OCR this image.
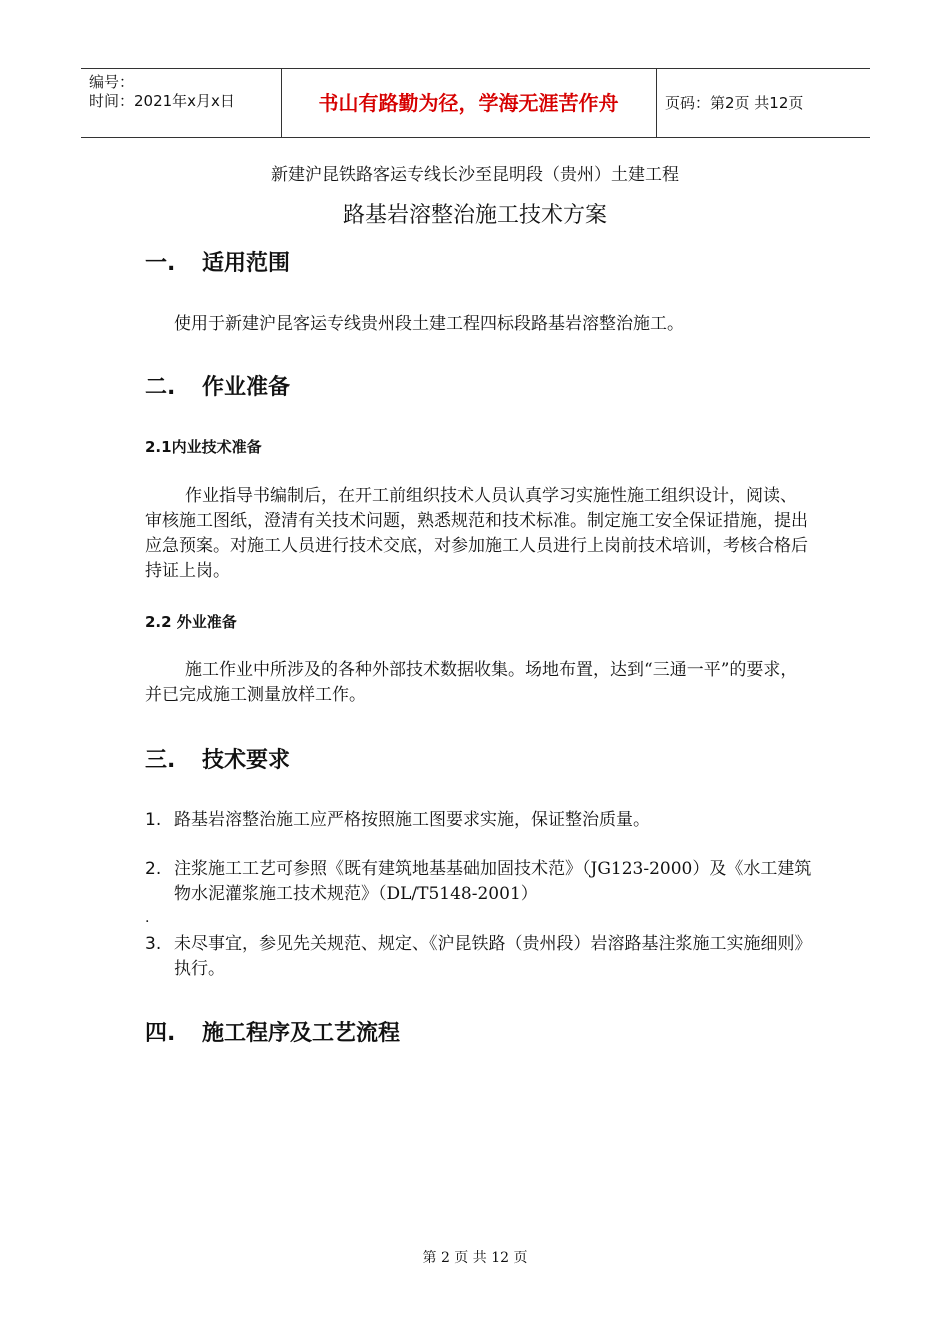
编号：
时间：2021年x月x日	书山有路勤为径，学海无涯苦作舟	页码：第2页 共12页
新建沪昆铁路客运专线长沙至昆明段（贵州）土建工程
路基岩溶整治施工技术方案
一. 适用范围
使用于新建沪昆客运专线贵州段土建工程四标段路基岩溶整治施工。
二. 作业准备
2.1内业技术准备
作业指导书编制后，在开工前组织技术人员认真学习实施性施工组织设计，阅读、审核施工图纸，澄清有关技术问题，熟悉规范和技术标准。制定施工安全保证措施，提出应急预案。对施工人员进行技术交底，对参加施工人员进行上岗前技术培训，考核合格后持证上岗。
2.2 外业准备
施工作业中所涉及的各种外部技术数据收集。场地布置，达到“三通一平”的要求，并已完成施工测量放样工作。
三. 技术要求
1. 路基岩溶整治施工应严格按照施工图要求实施，保证整治质量。
2. 注浆施工工艺可参照《既有建筑地基基础加固技术范》（JG123-2000）及《水工建筑物水泥灌浆施工技术规范》（DL/T5148-2001）
.
3. 未尽事宜，参见先关规范、规定、《沪昆铁路（贵州段）岩溶路基注浆施工实施细则》执行。
四. 施工程序及工艺流程
第 2 页 共 12 页
